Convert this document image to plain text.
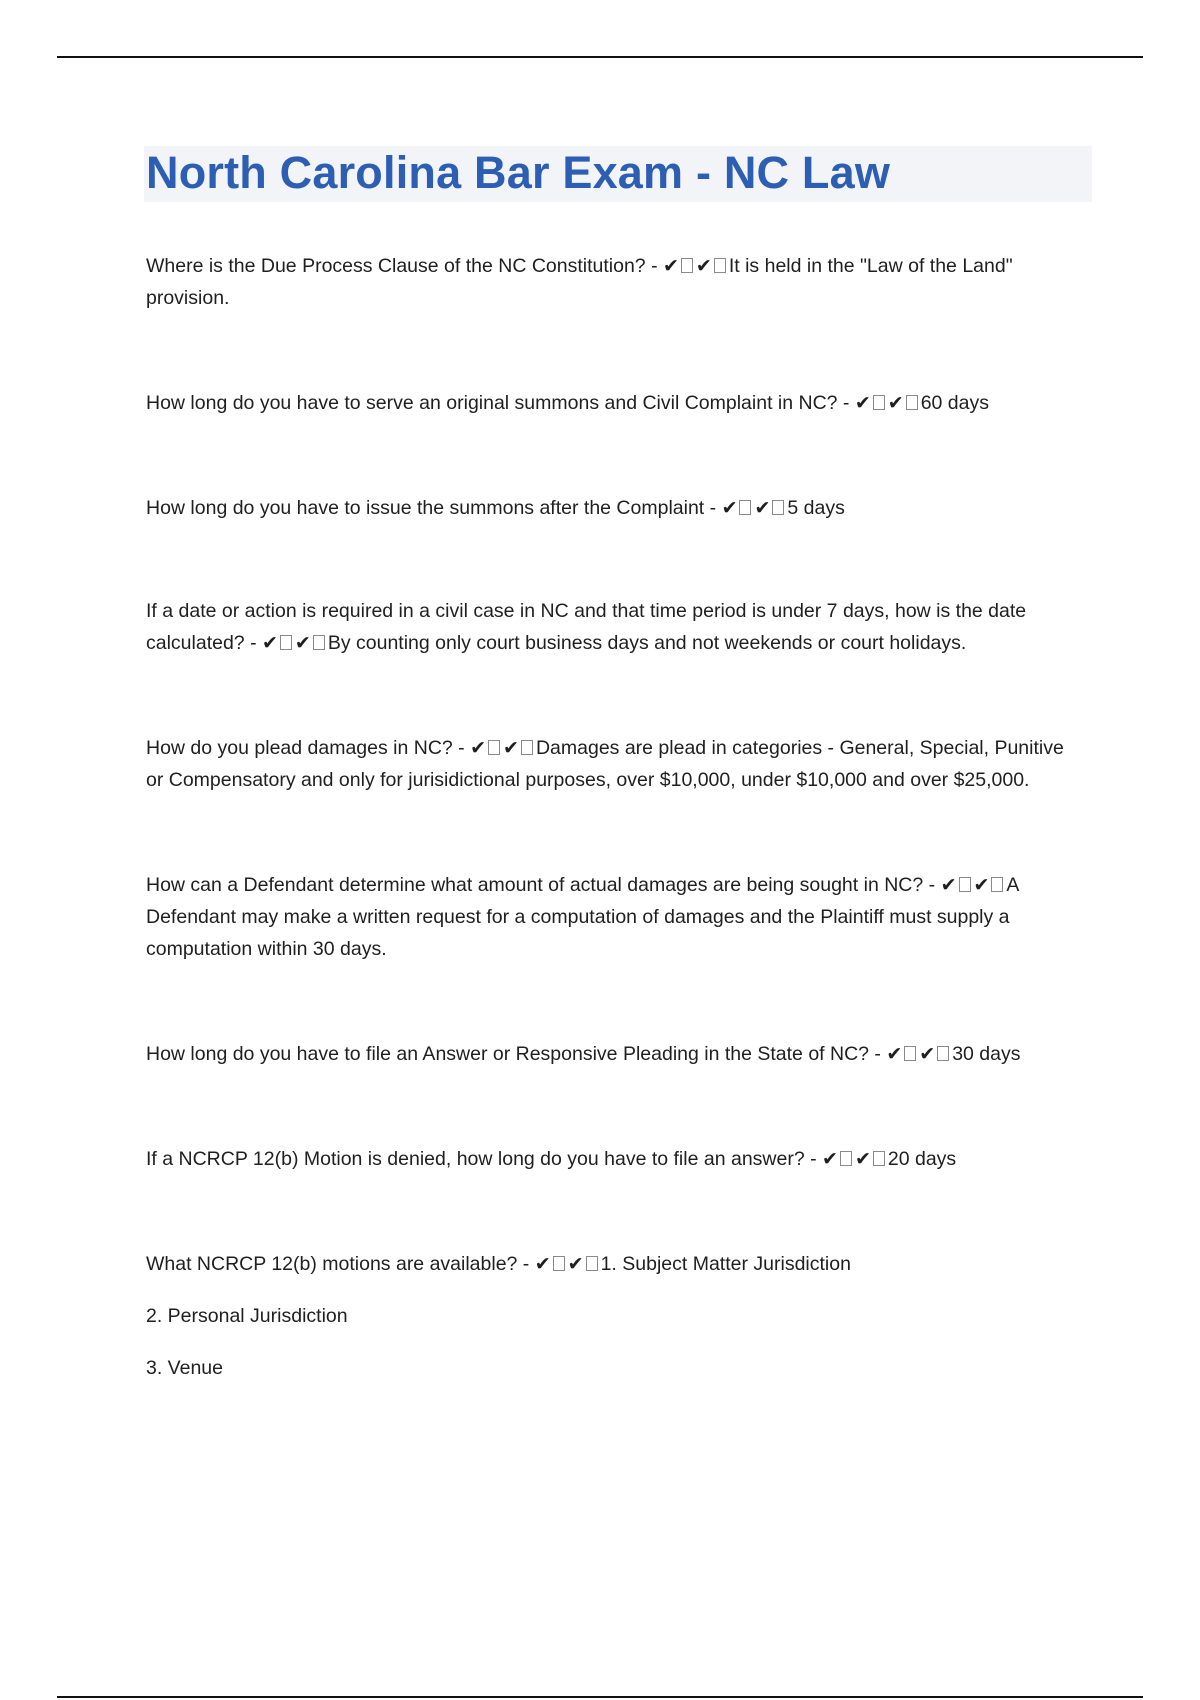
North Carolina Bar Exam - NC Law

Where is the Due Process Clause of the NC Constitution? - ✔ ✔ It is held in the "Law of the Land" provision.

How long do you have to serve an original summons and Civil Complaint in NC? - ✔ ✔ 60 days

How long do you have to issue the summons after the Complaint - ✔ ✔ 5 days

If a date or action is required in a civil case in NC and that time period is under 7 days, how is the date calculated? - ✔ ✔ By counting only court business days and not weekends or court holidays.

How do you plead damages in NC? - ✔ ✔ Damages are plead in categories - General, Special, Punitive or Compensatory and only for jurisidictional purposes, over $10,000, under $10,000 and over $25,000.

How can a Defendant determine what amount of actual damages are being sought in NC? - ✔ ✔ A Defendant may make a written request for a computation of damages and the Plaintiff must supply a computation within 30 days.

How long do you have to file an Answer or Responsive Pleading in the State of NC? - ✔ ✔ 30 days

If a NCRCP 12(b) Motion is denied, how long do you have to file an answer? - ✔ ✔ 20 days

What NCRCP 12(b) motions are available? - ✔ ✔ 1. Subject Matter Jurisdiction

2. Personal Jurisdiction

3. Venue
